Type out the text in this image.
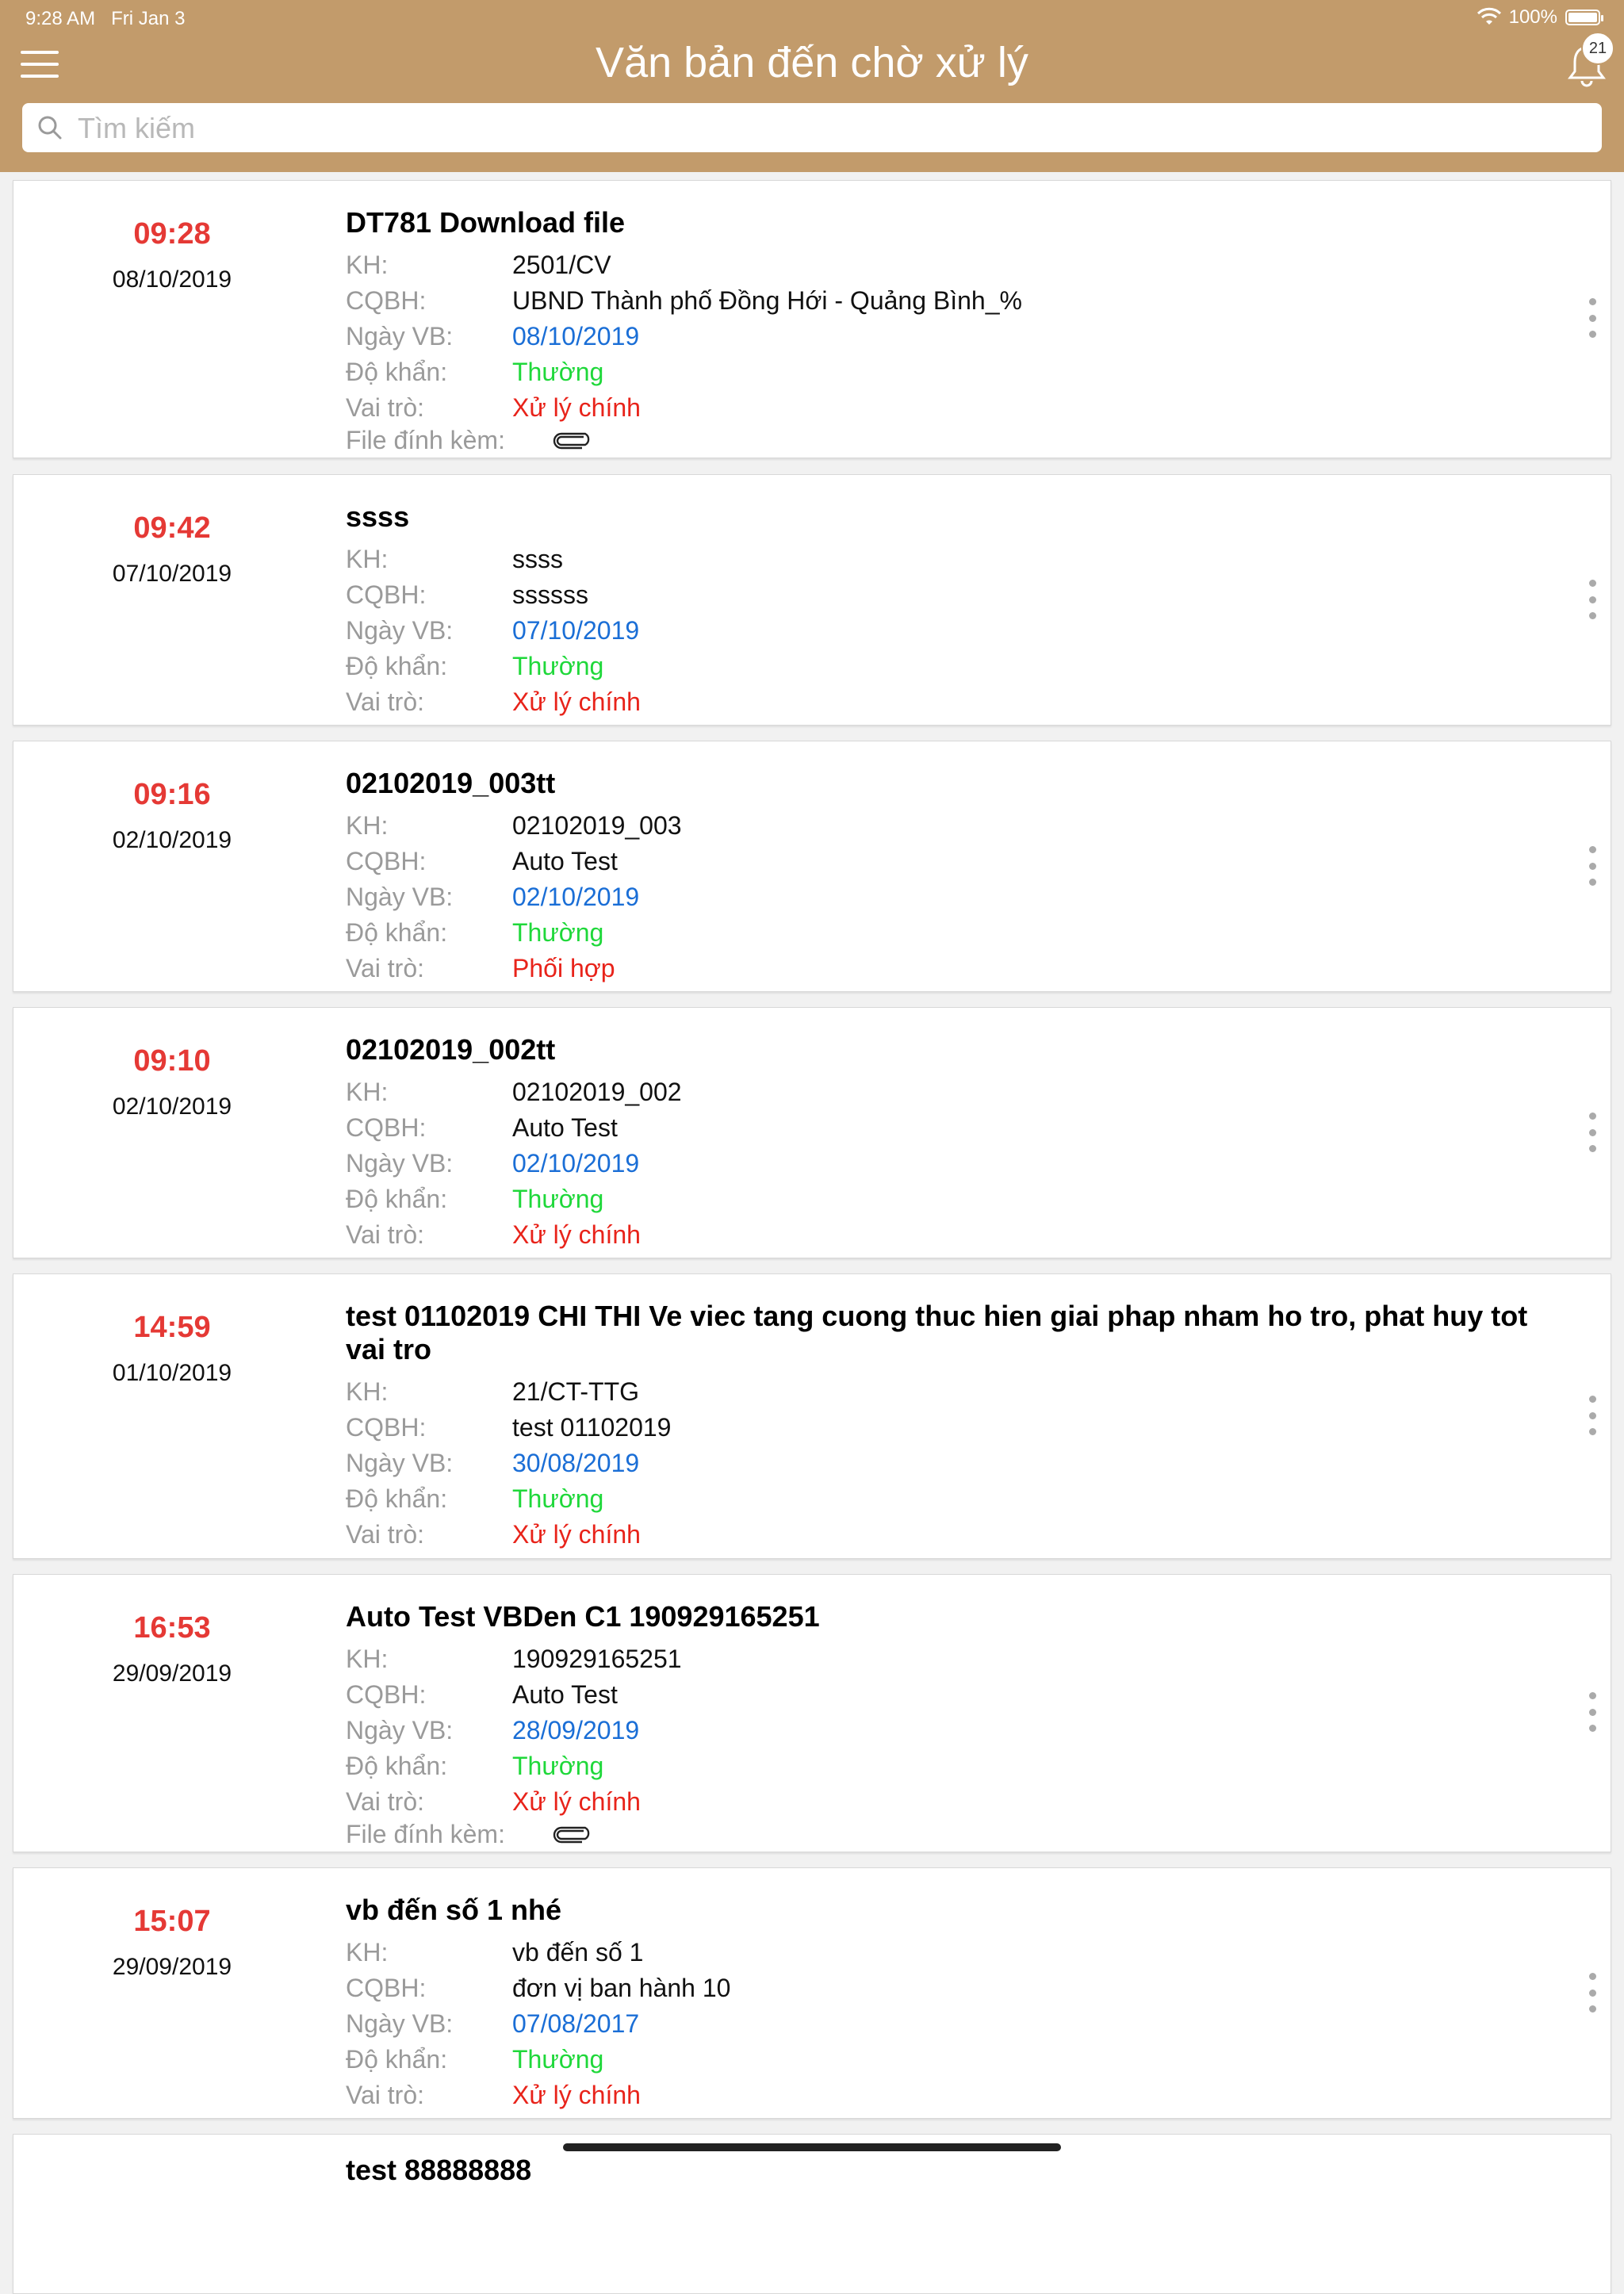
9:28 AM Fri Jan 3	100%
Văn bản đến chờ xử lý	21
Tìm kiếm
09:28
08/10/2019
DT781 Download file
KH:	2501/CV
CQBH:	UBND Thành phố Đồng Hới - Quảng Bình_%
Ngày VB:	08/10/2019
Độ khẩn:	Thường
Vai trò:	Xử lý chính
File đính kèm:
09:42
07/10/2019
ssss
KH:	ssss
CQBH:	ssssss
Ngày VB:	07/10/2019
Độ khẩn:	Thường
Vai trò:	Xử lý chính
09:16
02/10/2019
02102019_003tt
KH:	02102019_003
CQBH:	Auto Test
Ngày VB:	02/10/2019
Độ khẩn:	Thường
Vai trò:	Phối hợp
09:10
02/10/2019
02102019_002tt
KH:	02102019_002
CQBH:	Auto Test
Ngày VB:	02/10/2019
Độ khẩn:	Thường
Vai trò:	Xử lý chính
14:59
01/10/2019
test 01102019 CHI THI Ve viec tang cuong thuc hien giai phap nham ho tro, phat huy tot vai tro
KH:	21/CT-TTG
CQBH:	test 01102019
Ngày VB:	30/08/2019
Độ khẩn:	Thường
Vai trò:	Xử lý chính
16:53
29/09/2019
Auto Test VBDen C1 190929165251
KH:	190929165251
CQBH:	Auto Test
Ngày VB:	28/09/2019
Độ khẩn:	Thường
Vai trò:	Xử lý chính
File đính kèm:
15:07
29/09/2019
vb đến số 1 nhé
KH:	vb đến số 1
CQBH:	đơn vị ban hành 10
Ngày VB:	07/08/2017
Độ khẩn:	Thường
Vai trò:	Xử lý chính
test 88888888
